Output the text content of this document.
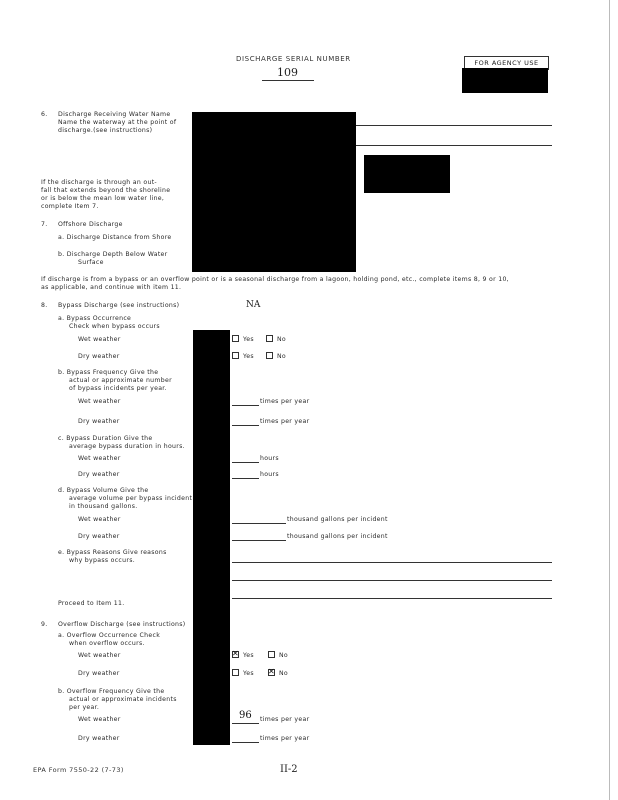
DISCHARGE SERIAL NUMBER
109
FOR AGENCY USE
6. Discharge Receiving Water Name
Name the waterway at the point of
discharge.(see instructions)
If the discharge is through an out-
fall that extends beyond the shoreline
or is below the mean low water line,
complete Item 7.
7. Offshore Discharge
a. Discharge Distance from Shore
b. Discharge Depth Below Water
Surface
If discharge is from a bypass or an overflow point or is a seasonal discharge from a lagoon, holding pond, etc., complete items 8, 9 or 10,
as applicable, and continue with item 11.
8. Bypass Discharge (see instructions)	NA
a. Bypass Occurrence
Check when bypass occurs
Wet weather
Dry weather
Yes	No
Yes	No
b. Bypass Frequency Give the
actual or approximate number
of bypass incidents per year.
Wet weather	times per year
Dry weather	times per year
c. Bypass Duration Give the
average bypass duration in hours.
Wet weather	hours
Dry weather	hours
d. Bypass Volume Give the
average volume per bypass incident
in thousand gallons.
Wet weather	thousand gallons per incident
Dry weather	thousand gallons per incident
e. Bypass Reasons Give reasons
why bypass occurs.
Proceed to Item 11.
9. Overflow Discharge (see instructions)
a. Overflow Occurrence Check
when overflow occurs.
Wet weather
Dry weather
✕
Yes	No
Yes
✕	No
b. Overflow Frequency Give the
actual or approximate incidents
per year.
Wet weather	96 times per year
Dry weather	times per year
EPA Form 7550-22 (7-73)	II-2
